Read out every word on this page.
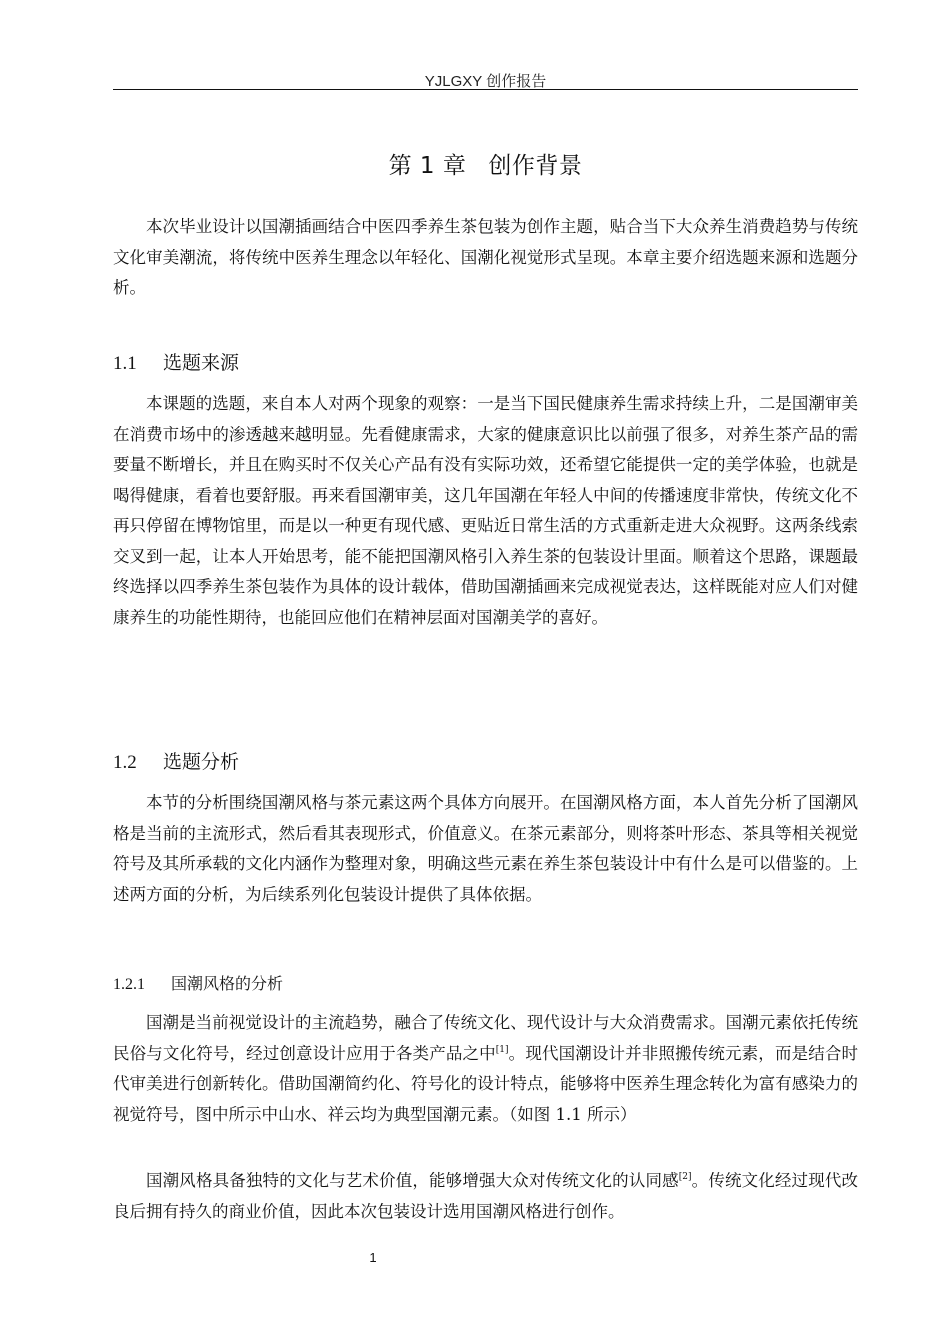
YJLGXY 创作报告
第 1 章 创作背景

本次毕业设计以国潮插画结合中医四季养生茶包装为创作主题，贴合当下大众养生消费趋势与传统文化审美潮流，将传统中医养生理念以年轻化、国潮化视觉形式呈现。本章主要介绍选题来源和选题分析。

1.1 选题来源

本课题的选题，来自本人对两个现象的观察：一是当下国民健康养生需求持续上升，二是国潮审美在消费市场中的渗透越来越明显。先看健康需求，大家的健康意识比以前强了很多，对养生茶产品的需要量不断增长，并且在购买时不仅关心产品有没有实际功效，还希望它能提供一定的美学体验，也就是喝得健康，看着也要舒服。再来看国潮审美，这几年国潮在年轻人中间的传播速度非常快，传统文化不再只停留在博物馆里，而是以一种更有现代感、更贴近日常生活的方式重新走进大众视野。这两条线索交叉到一起，让本人开始思考，能不能把国潮风格引入养生茶的包装设计里面。顺着这个思路，课题最终选择以四季养生茶包装作为具体的设计载体，借助国潮插画来完成视觉表达，这样既能对应人们对健康养生的功能性期待，也能回应他们在精神层面对国潮美学的喜好。

1.2 选题分析

本节的分析围绕国潮风格与茶元素这两个具体方向展开。在国潮风格方面，本人首先分析了国潮风格是当前的主流形式，然后看其表现形式，价值意义。在茶元素部分，则将茶叶形态、茶具等相关视觉符号及其所承载的文化内涵作为整理对象，明确这些元素在养生茶包装设计中有什么是可以借鉴的。上述两方面的分析，为后续系列化包装设计提供了具体依据。

1.2.1 国潮风格的分析

国潮是当前视觉设计的主流趋势，融合了传统文化、现代设计与大众消费需求。国潮元素依托传统民俗与文化符号，经过创意设计应用于各类产品之中[1]。现代国潮设计并非照搬传统元素，而是结合时代审美进行创新转化。借助国潮简约化、符号化的设计特点，能够将中医养生理念转化为富有感染力的视觉符号，图中所示中山水、祥云均为典型国潮元素。（如图 1.1 所示）

国潮风格具备独特的文化与艺术价值，能够增强大众对传统文化的认同感[2]。传统文化经过现代改良后拥有持久的商业价值，因此本次包装设计选用国潮风格进行创作。

1
